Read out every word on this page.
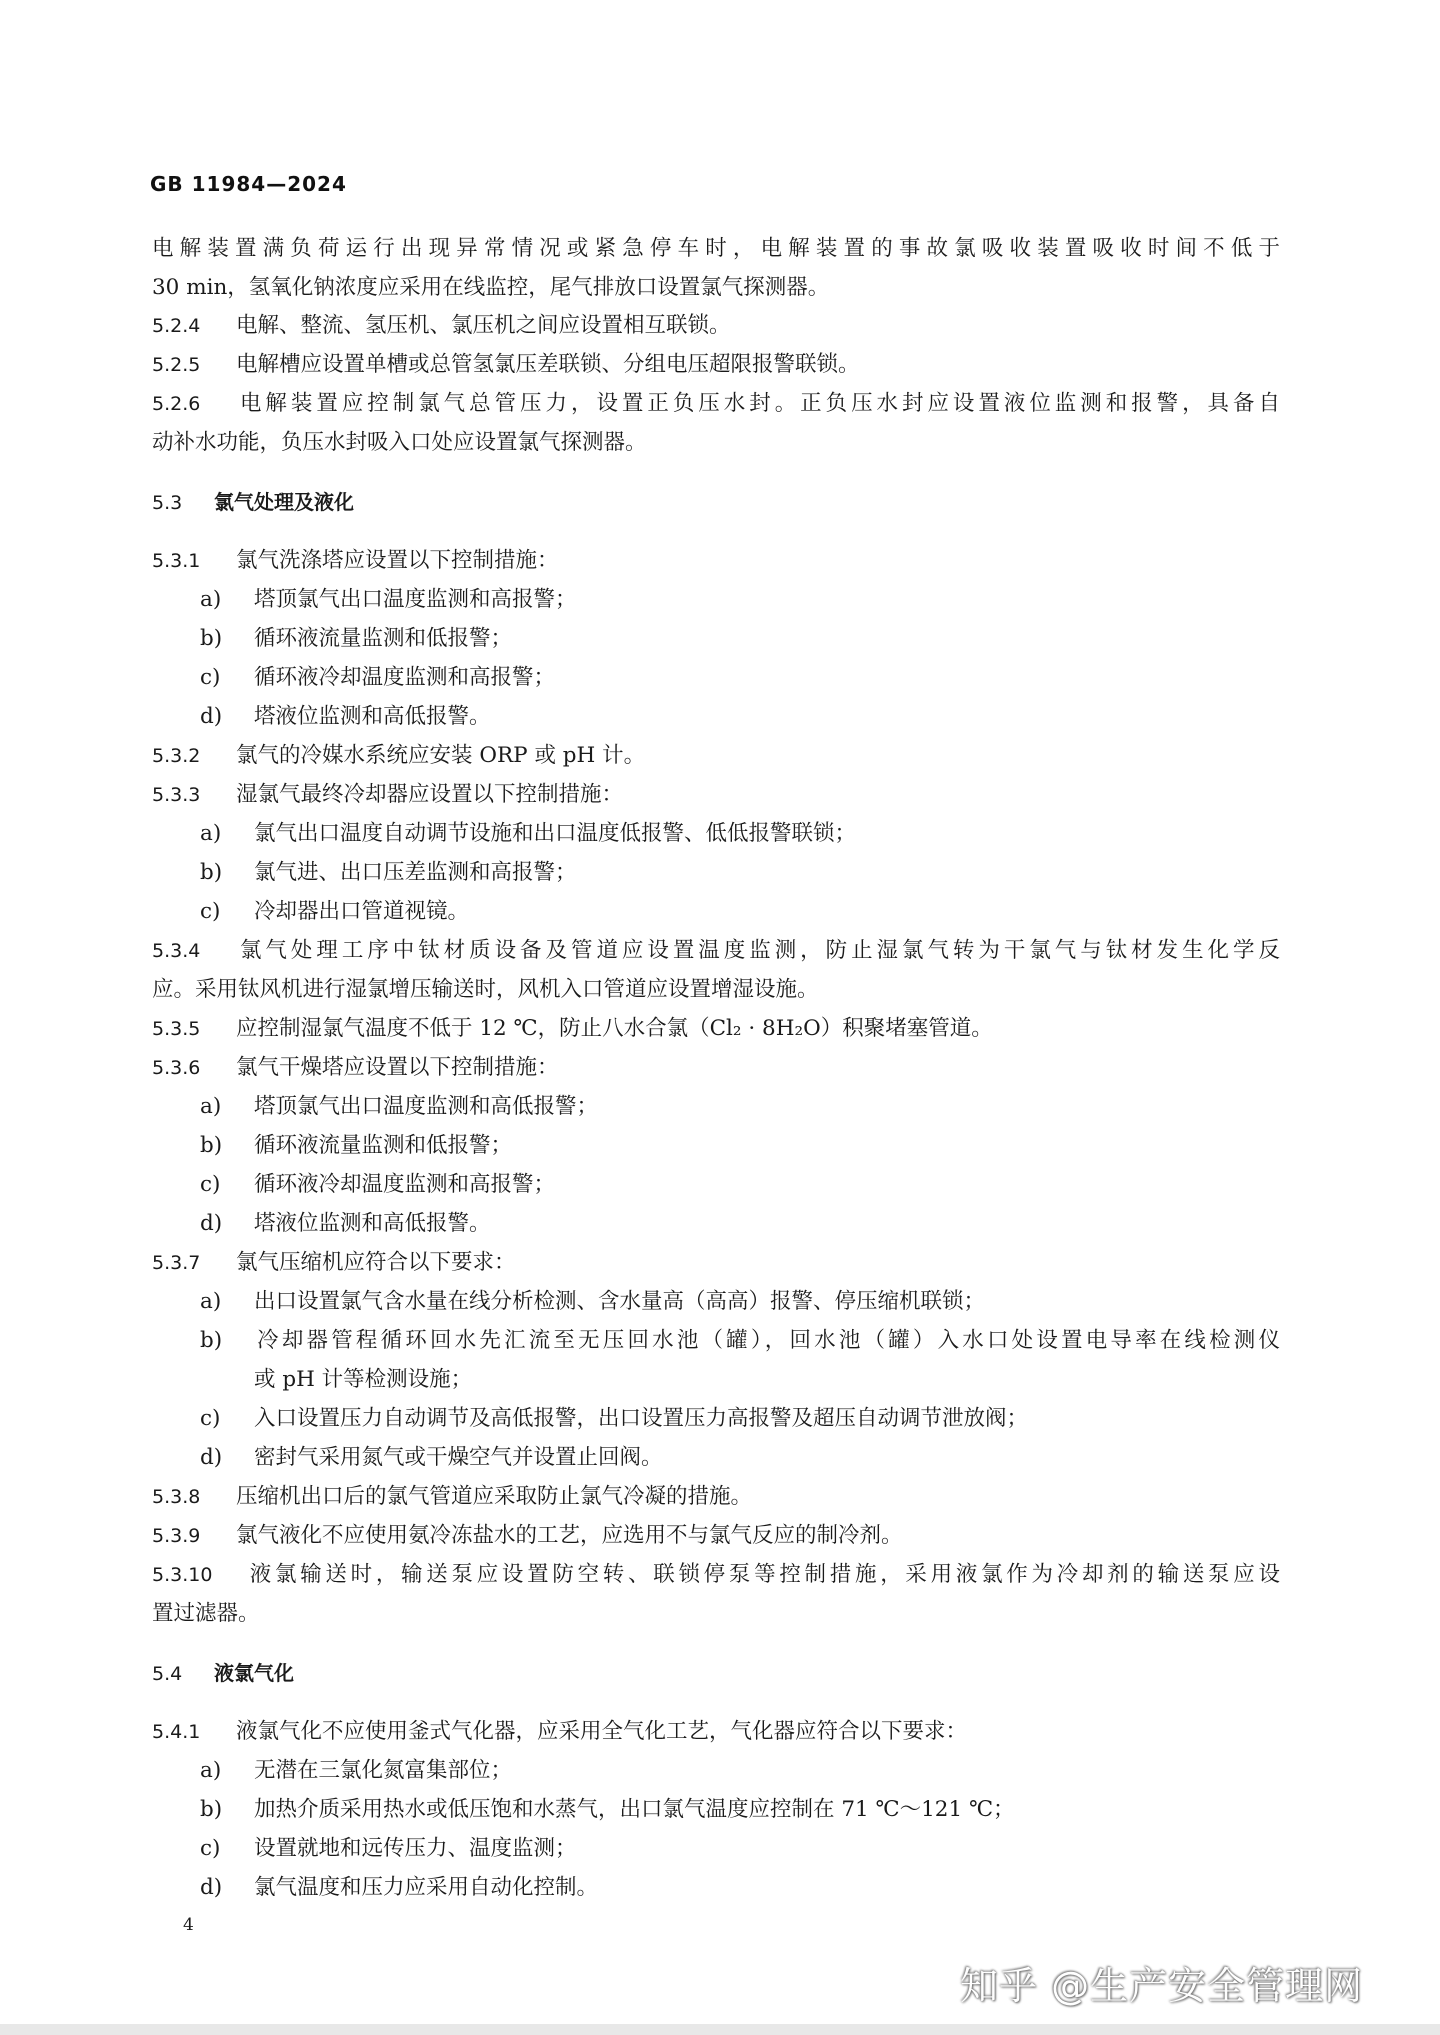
GB 11984—2024
电解装置满负荷运行出现异常情况或紧急停车时，电解装置的事故氯吸收装置吸收时间不低于
30 min，氢氧化钠浓度应采用在线监控，尾气排放口设置氯气探测器。
5.2.4 电解、整流、氢压机、氯压机之间应设置相互联锁。
5.2.5 电解槽应设置单槽或总管氢氯压差联锁、分组电压超限报警联锁。
5.2.6 电解装置应控制氯气总管压力，设置正负压水封。正负压水封应设置液位监测和报警，具备自
动补水功能，负压水封吸入口处应设置氯气探测器。
5.3 氯气处理及液化
5.3.1 氯气洗涤塔应设置以下控制措施：
a) 塔顶氯气出口温度监测和高报警；
b) 循环液流量监测和低报警；
c) 循环液冷却温度监测和高报警；
d) 塔液位监测和高低报警。
5.3.2 氯气的冷媒水系统应安装 ORP 或 pH 计。
5.3.3 湿氯气最终冷却器应设置以下控制措施：
a) 氯气出口温度自动调节设施和出口温度低报警、低低报警联锁；
b) 氯气进、出口压差监测和高报警；
c) 冷却器出口管道视镜。
5.3.4 氯气处理工序中钛材质设备及管道应设置温度监测，防止湿氯气转为干氯气与钛材发生化学反
应。采用钛风机进行湿氯增压输送时，风机入口管道应设置增湿设施。
5.3.5 应控制湿氯气温度不低于 12 ℃，防止八水合氯（Cl₂ · 8H₂O）积聚堵塞管道。
5.3.6 氯气干燥塔应设置以下控制措施：
a) 塔顶氯气出口温度监测和高低报警；
b) 循环液流量监测和低报警；
c) 循环液冷却温度监测和高报警；
d) 塔液位监测和高低报警。
5.3.7 氯气压缩机应符合以下要求：
a) 出口设置氯气含水量在线分析检测、含水量高（高高）报警、停压缩机联锁；
b) 冷却器管程循环回水先汇流至无压回水池（罐），回水池（罐）入水口处设置电导率在线检测仪
或 pH 计等检测设施；
c) 入口设置压力自动调节及高低报警，出口设置压力高报警及超压自动调节泄放阀；
d) 密封气采用氮气或干燥空气并设置止回阀。
5.3.8 压缩机出口后的氯气管道应采取防止氯气冷凝的措施。
5.3.9 氯气液化不应使用氨冷冻盐水的工艺，应选用不与氯气反应的制冷剂。
5.3.10 液氯输送时，输送泵应设置防空转、联锁停泵等控制措施，采用液氯作为冷却剂的输送泵应设
置过滤器。
5.4 液氯气化
5.4.1 液氯气化不应使用釜式气化器，应采用全气化工艺，气化器应符合以下要求：
a) 无潜在三氯化氮富集部位；
b) 加热介质采用热水或低压饱和水蒸气，出口氯气温度应控制在 71 ℃～121 ℃；
c) 设置就地和远传压力、温度监测；
d) 氯气温度和压力应采用自动化控制。
4
知乎 @生产安全管理网
